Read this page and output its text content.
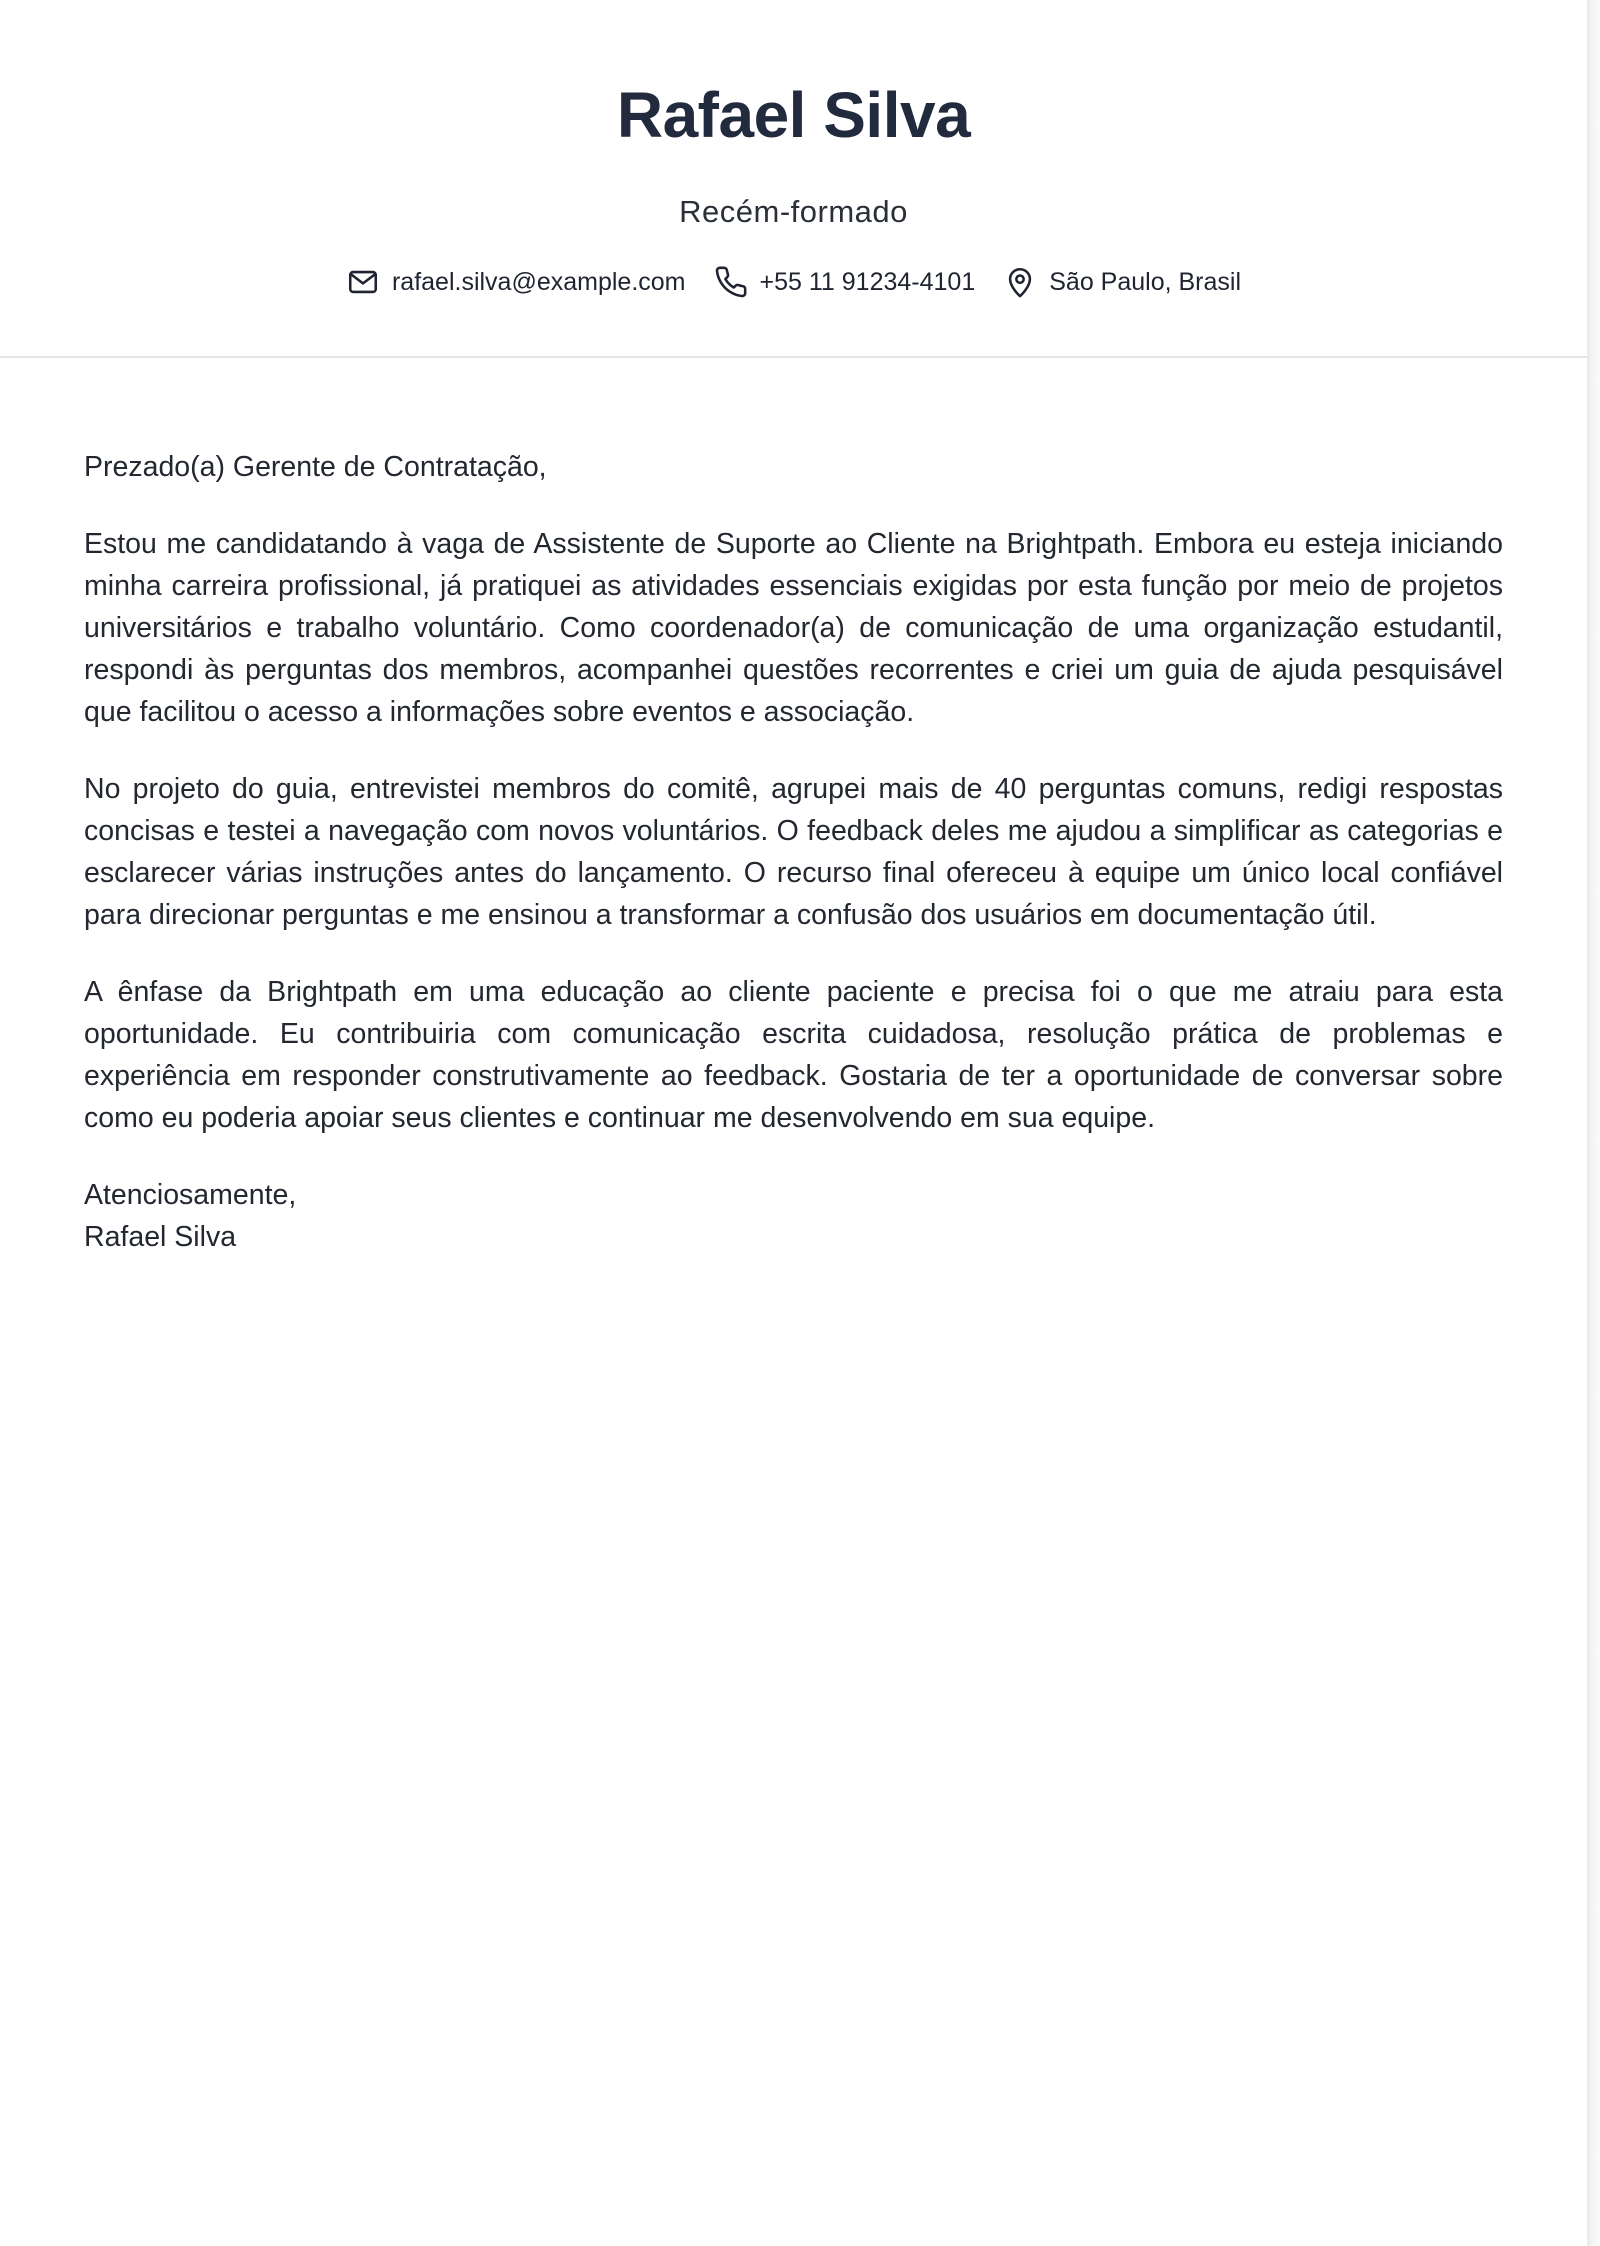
Rafael Silva
Recém-formado
rafael.silva@example.com	+55 11 91234-4101	São Paulo, Brasil
Prezado(a) Gerente de Contratação,

Estou me candidatando à vaga de Assistente de Suporte ao Cliente na Brightpath. Embora eu esteja iniciando minha carreira profissional, já pratiquei as atividades essenciais exigidas por esta função por meio de projetos universitários e trabalho voluntário. Como coordenador(a) de comunicação de uma organização estudantil, respondi às perguntas dos membros, acompanhei questões recorrentes e criei um guia de ajuda pesquisável que facilitou o acesso a informações sobre eventos e associação.

No projeto do guia, entrevistei membros do comitê, agrupei mais de 40 perguntas comuns, redigi respostas concisas e testei a navegação com novos voluntários. O feedback deles me ajudou a simplificar as categorias e esclarecer várias instruções antes do lançamento. O recurso final ofereceu à equipe um único local confiável para direcionar perguntas e me ensinou a transformar a confusão dos usuários em documentação útil.

A ênfase da Brightpath em uma educação ao cliente paciente e precisa foi o que me atraiu para esta oportunidade. Eu contribuiria com comunicação escrita cuidadosa, resolução prática de problemas e experiência em responder construtivamente ao feedback. Gostaria de ter a oportunidade de conversar sobre como eu poderia apoiar seus clientes e continuar me desenvolvendo em sua equipe.

Atenciosamente,
Rafael Silva
